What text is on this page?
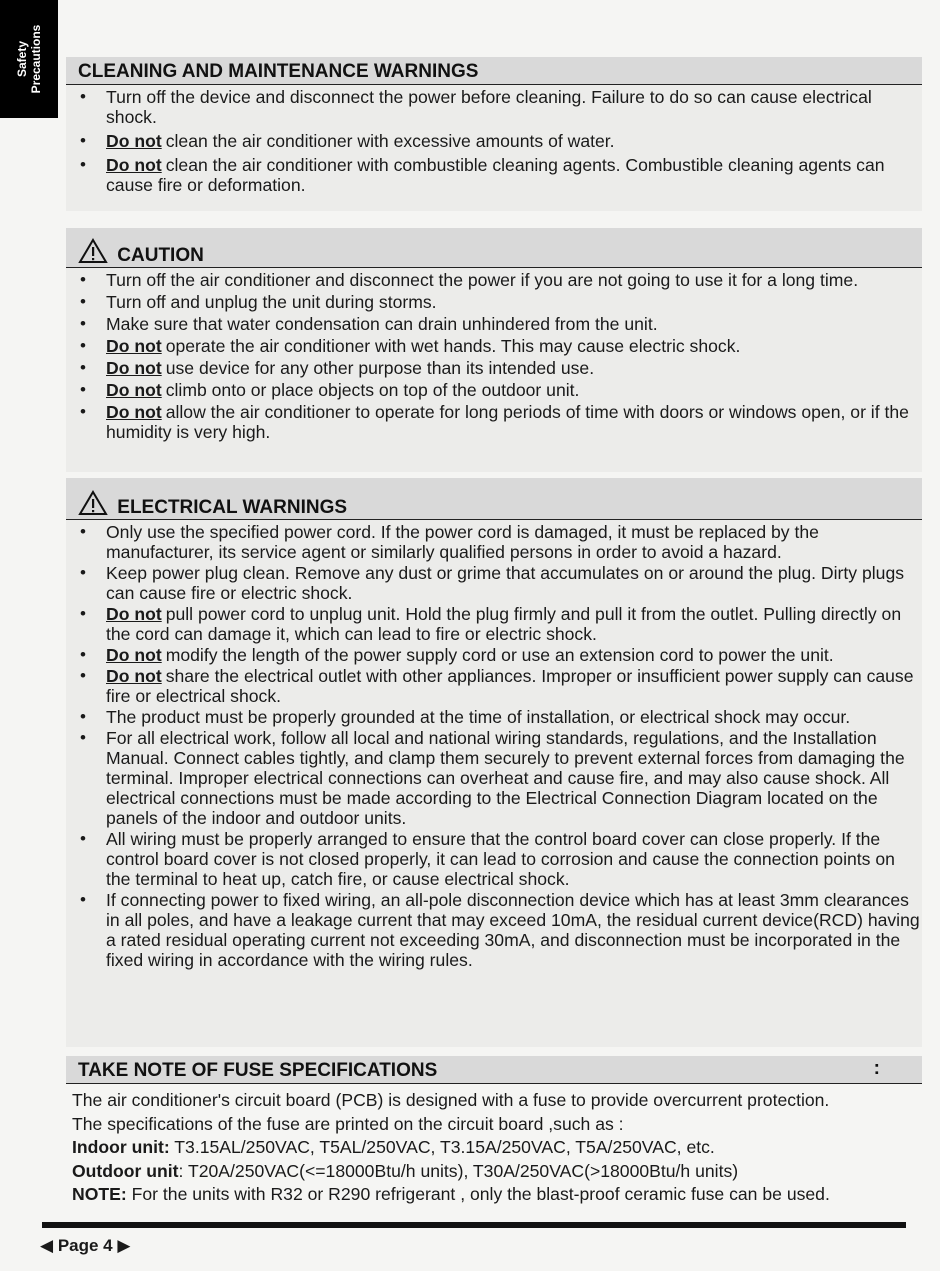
Safety Precautions	CLEANING AND MAINTENANCE WARNINGS
• Turn off the device and disconnect the power before cleaning. Failure to do so can cause electrical shock.
• Do not clean the air conditioner with excessive amounts of water.
• Do not clean the air conditioner with combustible cleaning agents. Combustible cleaning agents can cause fire or deformation.
CAUTION
• Turn off the air conditioner and disconnect the power if you are not going to use it for a long time.
• Turn off and unplug the unit during storms.
• Make sure that water condensation can drain unhindered from the unit.
• Do not operate the air conditioner with wet hands. This may cause electric shock.
• Do not use device for any other purpose than its intended use.
• Do not climb onto or place objects on top of the outdoor unit.
• Do not allow the air conditioner to operate for long periods of time with doors or windows open, or if the humidity is very high.
ELECTRICAL WARNINGS
• Only use the specified power cord. If the power cord is damaged, it must be replaced by the manufacturer, its service agent or similarly qualified persons in order to avoid a hazard.
• Keep power plug clean. Remove any dust or grime that accumulates on or around the plug. Dirty plugs can cause fire or electric shock.
• Do not pull power cord to unplug unit. Hold the plug firmly and pull it from the outlet. Pulling directly on the cord can damage it, which can lead to fire or electric shock.
• Do not modify the length of the power supply cord or use an extension cord to power the unit.
• Do not share the electrical outlet with other appliances. Improper or insufficient power supply can cause fire or electrical shock.
• The product must be properly grounded at the time of installation, or electrical shock may occur.
• For all electrical work, follow all local and national wiring standards, regulations, and the Installation Manual. Connect cables tightly, and clamp them securely to prevent external forces from damaging the terminal. Improper electrical connections can overheat and cause fire, and may also cause shock. All electrical connections must be made according to the Electrical Connection Diagram located on the panels of the indoor and outdoor units.
• All wiring must be properly arranged to ensure that the control board cover can close properly. If the control board cover is not closed properly, it can lead to corrosion and cause the connection points on the terminal to heat up, catch fire, or cause electrical shock.
• If connecting power to fixed wiring, an all-pole disconnection device which has at least 3mm clearances in all poles, and have a leakage current that may exceed 10mA, the residual current device(RCD) having a rated residual operating current not exceeding 30mA, and disconnection must be incorporated in the fixed wiring in accordance with the wiring rules.
TAKE NOTE OF FUSE SPECIFICATIONS	:

The air conditioner's circuit board (PCB) is designed with a fuse to provide overcurrent protection.

The specifications of the fuse are printed on the circuit board ,such as :

Indoor unit: T3.15AL/250VAC, T5AL/250VAC, T3.15A/250VAC, T5A/250VAC, etc.

Outdoor unit: T20A/250VAC(<=18000Btu/h units), T30A/250VAC(>18000Btu/h units)

NOTE: For the units with R32 or R290 refrigerant , only the blast-proof ceramic fuse can be used.

◀ Page 4 ▶
